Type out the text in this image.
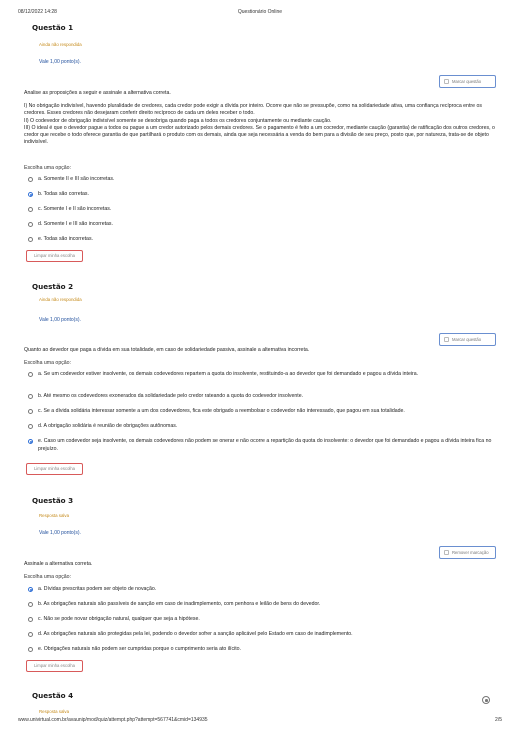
08/12/2022 14:28	Questionário Online
Questão 1
Ainda não respondida
Vale 1,00 ponto(s).
Marcar questão

Analise as proposições a seguir e assinale a alternativa correta.

I) No obrigação indivisível, havendo pluralidade de credores, cada credor pode exigir a dívida por inteiro. Ocorre que não se pressupõe, como na solidariedade ativa, uma confiança recíproca entre os credores. Esses credores não desejaram conferir direito recíproco de cada um deles receber o todo.

II) O codevedor de obrigação indivisível somente se desobriga quando paga a todos os credores conjuntamente ou mediante caução.

III) O ideal é que o devedor pague a todos ou pague a um credor autorizado pelos demais credores. Se o pagamento é feito a um cocredor, mediante caução (garantia) de ratificação dos outros credores, o credor que recebe o todo oferece garantia de que partilhará o produto com os demais, ainda que seja necessária a venda do bem para a divisão de seu preço, posto que, por natureza, trata-se de objeto indivisível.

Escolha uma opção:
a. Somente II e III são incorretas.
b. Todas são corretas.
c. Somente I e II são incorretas.
d. Somente I e III são incorretas.
e. Todas são incorretas.
Limpar minha escolha
Questão 2
Ainda não respondida
Vale 1,00 ponto(s).
Marcar questão

Quanto ao devedor que paga a dívida em sua totalidade, em caso de solidariedade passiva, assinale a alternativa incorreta.

Escolha uma opção:
a. Se um codevedor estiver insolvente, os demais codevedores repartem a quota do insolvente, restituindo-a ao devedor que foi demandado e pagou a dívida inteira.
b. Até mesmo os codevedores exonerados da solidariedade pelo credor rateando a quota do codevedor insolvente.
c. Se a dívida solidária interessar somente a um dos codevedores, fica este obrigado a reembolsar o codevedor não interessado, que pagou em sua totalidade.
d. A obrigação solidária é reunião de obrigações autônomas.
e. Caso um codevedor seja insolvente, os demais codevedores não podem se onerar e não ocorre a repartição da quota do insolvente: o devedor que foi demandado e pagou a dívida inteira fica no prejuízo.
Limpar minha escolha
Questão 3
Resposta salva
Vale 1,00 ponto(s).
Remover marcação

Assinale a alternativa correta.

Escolha uma opção:
a. Dívidas prescritas podem ser objeto de novação.
b. As obrigações naturais são passíveis de sanção em caso de inadimplemento, com penhora e leilão de bens do devedor.
c. Não se pode novar obrigação natural, qualquer que seja a hipótese.
d. As obrigações naturais são protegidas pela lei, podendo o devedor sofrer a sanção aplicável pelo Estado em caso de inadimplemento.
e. Obrigações naturais não podem ser cumpridas porque o cumprimento seria ato ilícito.
Limpar minha escolha
Questão 4
Resposta salva
www.univirtual.com.br/avaunip/mod/quiz/attempt.php?attempt=567741&cmid=134935	2/5
